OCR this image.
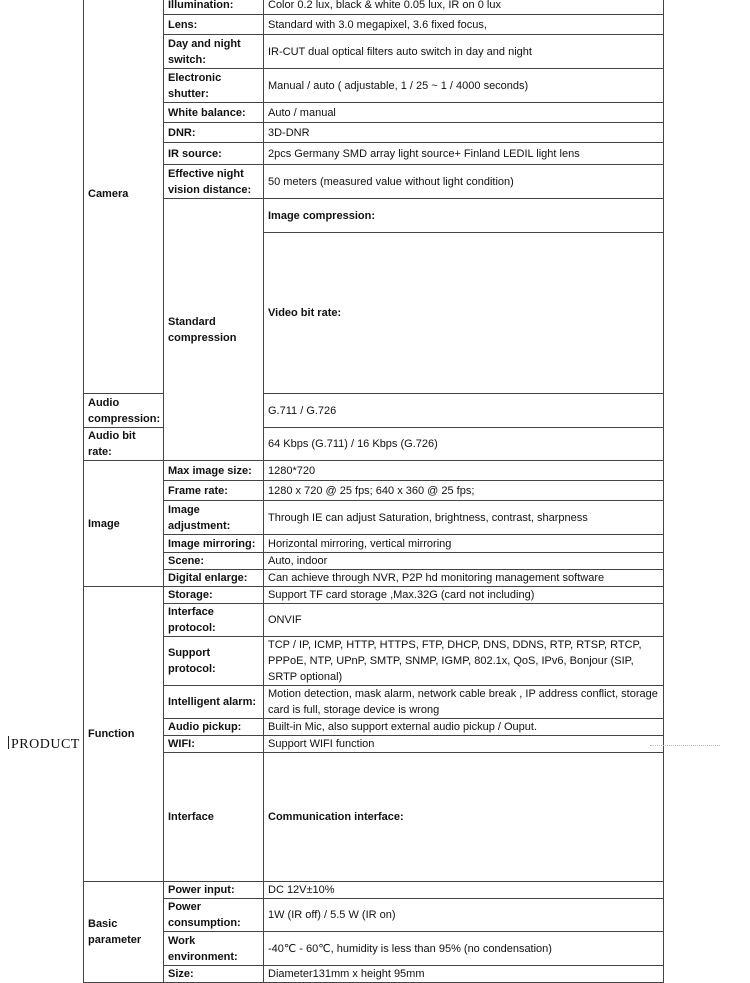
Camera	Illumination:	Color 0.2 lux, black & white 0.05 lux, IR on 0 lux	
	Lens:	Standard with 3.0 megapixel, 3.6 fixed focus,	
	Day and night switch:	IR-CUT dual optical filters auto switch in day and night	
	Electronic shutter:	Manual / auto ( adjustable, 1 / 25 ~ 1 / 4000 seconds)	
	White balance:	Auto / manual	
	DNR:	3D-DNR	
	IR source:	2pcs Germany SMD array light source+ Finland LEDIL light lens	
	Effective night vision distance:	50 meters (measured value without light condition)	
	Standard compression	Image compression:	
		Video bit rate:	
Audio compression:		G.711 / G.726	
Audio bit rate:		64 Kbps (G.711) / 16 Kbps (G.726)	
Image	Max image size:	1280*720	
	Frame rate:	1280 x 720 @ 25 fps; 640 x 360 @ 25 fps;	
	Image adjustment:	Through IE can adjust Saturation, brightness, contrast, sharpness	
	Image mirroring:	Horizontal mirroring, vertical mirroring	
	Scene:	Auto, indoor	
	Digital enlarge:	Can achieve through NVR, P2P hd monitoring management software	
Function	Storage:	Support TF card storage ,Max.32G (card not including)	
	Interface protocol:	ONVIF	
	Support protocol:	TCP / IP, ICMP, HTTP, HTTPS, FTP, DHCP, DNS, DDNS, RTP, RTSP, RTCP, PPPoE, NTP, UPnP, SMTP, SNMP, IGMP, 802.1x, QoS, IPv6, Bonjour (SIP, SRTP optional)	
	Intelligent alarm:	Motion detection, mask alarm, network cable break , IP address conflict, storage card is full, storage device is wrong	
	Audio pickup:	Built-in Mic, also support external audio pickup / Ouput.	
	WIFI:	Support WIFI function	
	Interface	Communication interface:	
Basic parameter	Power input:	DC 12V±10%	
	Power consumption:	1W (IR off) / 5.5 W (IR on)	
	Work environment:	-40℃ - 60℃, humidity is less than 95% (no condensation)	
	Size:	Diameter131mm x height 95mm	
PRODUCT
